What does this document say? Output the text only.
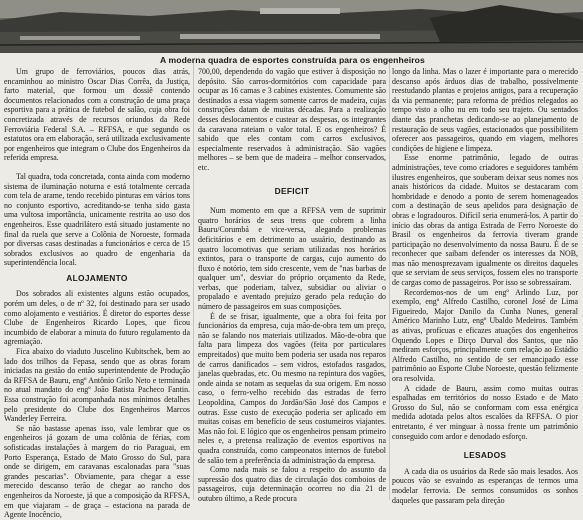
A moderna quadra de esportes construída para os engenheiros

Um grupo de ferroviários, poucos dias atrás, encaminhou ao ministro Oscar Dias Corrêa, da Justiça, farto material, que formou um dossiê contendo documentos relacionados com a construção de uma praça esportiva para a prática de futebol de salão, cuja obra foi concretizada através de recursos oriundos da Rede Ferroviária Federal S.A. – RFFSA, e que segundo os estatutos ora em elaboração, será utilizada exclusivamente por engenheiros que integram o Clube dos Engenheiros da referida empresa.

Tal quadra, toda concretada, conta ainda com moderno sistema de iluminação noturna e está totalmente cercada com tela de arame, tendo recebido pinturas em vários tons no conjunto esportivo, acreditando-se tenha sido gasta uma vultosa importância, unicamente restrita ao uso dos engenheiros. Esse quadrilátero está situado justamente no final da ruela que serve a Colônia de Noroeste, formada por diversas casas destinadas a funcionários e cerca de 15 sobrados exclusivos ao quadro de engenharia da superintendência local.

ALOJAMENTO

Dos sobrados ali existentes alguns estão ocupados, porém um deles, o de nº 32, foi destinado para ser usado como alojamento e vestiários. É diretor do esportes desse Clube de Engenheiros Ricardo Lopes, que ficou incumbido de elaborar a minuta do futuro regulamento da agremiação.

Fica abaixo do viaduto Juscelino Kubitschek, bem ao lado dos trilhos da Fepasa, sendo que as obras foram iniciadas na gestão do então superintendente de Produção da RFFSA de Bauru, engº Antônio Grilo Neto e terminada no atual mandato do engº João Batista Pacheco Fantin. Essa construção foi acompanhada nos mínimos detalhes pelo presidente do Clube dos Engenheiros Marcos Wanderley Ferreira.

Se não bastasse apenas isso, vale lembrar que os engenheiros já gozam de uma colônia de férias, com sofisticadas instalações à margem do rio Paraguai, em Porto Esperança, Estado de Mato Grosso do Sul, para onde se dirigem, em caravanas escalonadas para "suas grandes pescarias". Obviamente, para chegar a esse merecido descanso terão de chegar ao rancho dos engenheiros da Noroeste, já que a composição da RFFSA, em que viajaram – de graça – estaciona na parada de Agente Inocêncio,

700,00, dependendo do vagão que estiver à disposição no depósito. São carros-dormitórios com capacidade para ocupar as 16 camas e 3 cabines existentes. Comumente são destinados a essa viagem somente carros de madeira, cujas construções datam de muitas décadas. Para a realização desses deslocamentos e custear as despesas, os integrantes da caravana rateiam o valor total. E os engenheiros? É sabido que eles contam com carros exclusivos, especialmente reservados à administração. São vagões melhores – se bem que de madeira – melhor conservados, etc.

DEFICIT

Num momento em que a RFFSA vem de suprimir quatro horários de seus trens que cobrem a linha Bauru/Corumbá e vice-versa, alegando problemas deficitários e em detrimento ao usuário, destinando as quatro locomotivas que seriam utilizadas nos horários extintos, para o transporte de cargas, cujo aumento do fluxo é notório, tem sido crescente, vem de "nas barbas de qualquer um", desviar do próprio orçamento da Rede, verbas, que poderiam, talvez, subsidiar ou aliviar o propalado e aventado prejuízo gerado pela redução do número de passageiros em suas composições.

É de se frisar, igualmente, que a obra foi feita por funcionários da empresa, cuja mão-de-obra tem um preço, não se falando nos materiais utilizados. Mão-de-obra que falta para limpeza dos vagões (feita por particulares empreitados) que muito bem poderia ser usada nos reparos de carros danificados – sem vidros, estofados rasgados, janelas quebradas, etc. Ou mesmo na repintura dos vagões, onde ainda se notam as sequelas da sua origem. Em nosso caso, o ferro-velho recebido das estradas de ferro Leopoldina, Campos do Jordão/São José dos Campos e outras. Esse custo de execução poderia ser aplicado em muitas coisas em benefício de seus costumeiros viajantes. Mas não foi. E lógico que os engenheiros pensam primeiro neles e, a pretensa realização de eventos esportivos na quadra construída, como campeonatos internos de futebol de salão tem a preferência da administração da empresa.

Como nada mais se falou a respeito do assunto da supressão dos quatro dias de circulação dos comboios de passageiros, cuja determinação ocorreu no dia 21 de outubro último, a Rede procura

longo da linha. Mas o lazer é importante para o merecido descanso após árduos dias de trabalho, possivelmente reestudando plantas e projetos antigos, para a recuperação da via permanente; para reforma de prédios relegados ao tempo visto a olho nu em todo seu trajeto. Ou sentados diante das pranchetas dedicando-se ao planejamento de restauração de seus vagões, estacionados que possibilitem oferecer aos passageiros, quando em viagem, melhores condições de higiene e limpeza.

Esse enorme patrimônio, legado de outras administrações, teve como criadores e seguidores também ilustres engenheiros, que souberam deixar seus nomes nos anais históricos da cidade. Muitos se destacaram com hombridade e denodo a ponto de serem homenageados com a destinação de seus apelidos para designação de obras e logradouros. Difícil seria enumerá-los. A partir do início das obras da antiga Estrada de Ferro Noroeste do Brasil os engenheiros da ferrovia tiveram grande participação no desenvolvimento da nossa Bauru. É de se reconhecer que saibam defender os interesses da NOB, mas não menosprezavam igualmente os direitos daqueles que se serviam de seus serviços, fossem eles no transporte de cargas como de passageiros. Por isso se sobressaíram.

Recordemos-nos de um engº Arlindo Luz, por exemplo, engº Alfredo Castilho, coronel José de Lima Figueiredo, Major Danilo da Cunha Nunes, general Américo Marinho Lutz, engº Ubaldo Medeiros. Também as ativas, profícuas e eficazes atuações dos engenheiros Oquendo Lopes e Dirço Durval dos Santos, que não mediram esforços, principalmente com relação ao Estádio Alfredo Castilho, no sentido de ser emancipado esse patrimônio ao Esporte Clube Noroeste, questão felizmente ora resolvida.

A cidade de Bauru, assim como muitas outras espalhadas em territórios do nosso Estado e de Mato Grosso do Sul, não se conformam com essa enérgica medida adotada pelos altos escalões da RFFSA. O pior entretanto, é ver minguar à nossa frente um patrimônio conseguido com ardor e denodado esforço.

LESADOS

A cada dia os usuários da Rede são mais lesados. Aos poucos vão se esvaindo as esperanças de termos uma modelar ferrovia. De sermos consumidos os sonhos daqueles que passaram pela direção
